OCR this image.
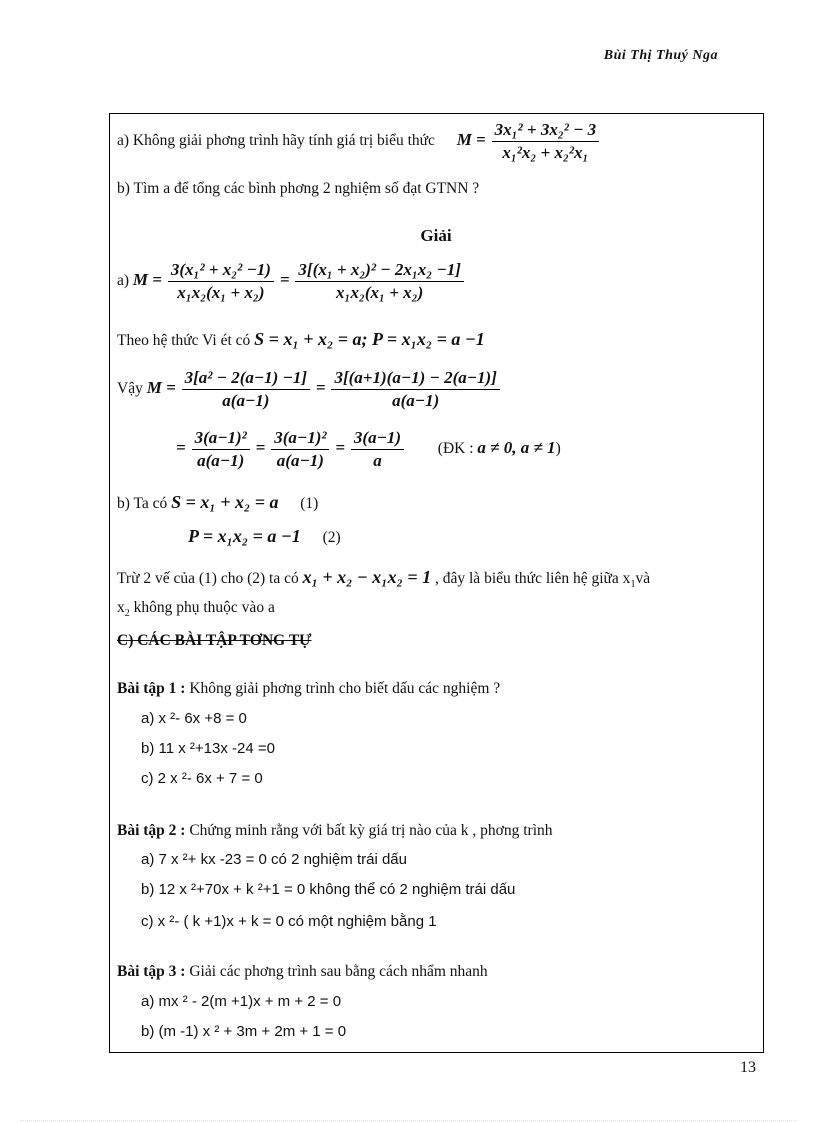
Bùi Thị Thuý Nga
a) Không giải phơng trình hãy tính giá trị biểu thức $M = \frac{\text{3x₁² + 3x₂² − 3}}{\text{x₁²x₂ + x₂²x₁}}$
b) Tìm a để tổng các bình phơng 2 nghiệm số đạt GTNN ?
Giải
a) $M = \frac{\text{3(x₁² + x₂² −1)}}{\text{x₁x₂(x₁ + x₂)}} = \frac{\text{3[(x₁ + x₂)² − 2x₁x₂ −1]}}{\text{x₁x₂(x₁ + x₂)}}$
Theo hệ thức Vi ét có S = x₁ + x₂ = a; P = x₁x₂ = a −1
Vậy $M = \frac{\text{3[a² − 2(a−1) −1]}}{a(a-1)} = \frac{3[(a+1)(a-1) - 2(a-1)]}{a(a-1)}$
= $\frac{\text{3(a−1)²}}{a(a-1)} = \frac{\text{3(a−1)²}}{a(a-1)} = \frac{3(a-1)}{a}$ (ĐK : a ≠ 0, a ≠ 1)
b) Ta có S = x₁ + x₂ = a (1)
P = x₁x₂ = a −1 (2)
Trừ 2 vế của (1) cho (2) ta có x₁ + x₂ − x₁x₂ = 1 , đây là biểu thức liên hệ giữa $x_1và$
$x_2$ không phụ thuộc vào a
C) CÁC BÀI TẬP TƠNG TỰ
Bài tập 1 : Không giải phơng trình cho biết dấu các nghiệm ?
a) x ²- 6x +8 = 0
b) 11 x ²+13x -24 =0
c) 2 x ²- 6x + 7 = 0
Bài tập 2 : Chứng minh rằng với bất kỳ giá trị nào của k , phơng trình
a) 7 x ²+ kx -23 = 0 có 2 nghiệm trái dấu
b) 12 x ²+70x + k ²+1 = 0 không thể có 2 nghiệm trái dấu
c) x ²- ( k +1)x + k = 0 có một nghiệm bằng 1
Bài tập 3 : Giải các phơng trình sau bằng cách nhẩm nhanh
a) mx ² - 2(m +1)x + m + 2 = 0
b) (m -1) x ² + 3m + 2m + 1 = 0
13
